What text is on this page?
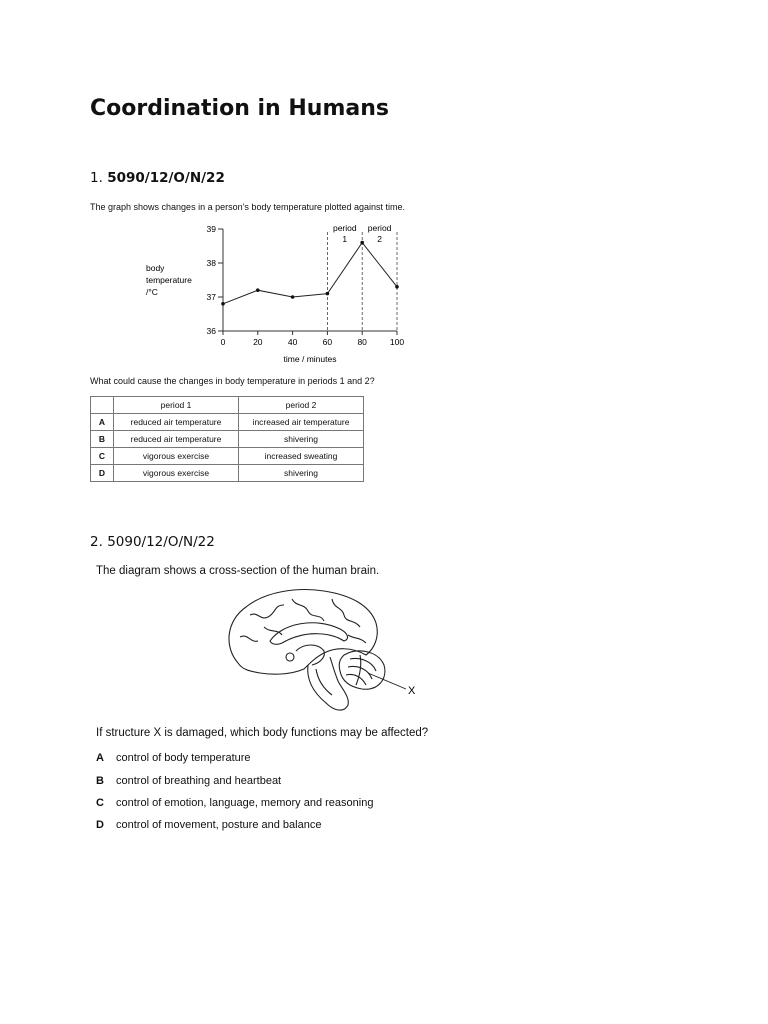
Coordination in Humans
1. 5090/12/O/N/22
The graph shows changes in a person’s body temperature plotted against time.
body
temperature
/°C
36
37
38
39
0	20	40	60	80	100
period
1
period
2
time / minutes
What could cause the changes in body temperature in periods 1 and 2?
	period 1	period 2
A	reduced air temperature	increased air temperature
B	reduced air temperature	shivering
C	vigorous exercise	increased sweating
D	vigorous exercise	shivering
2. 5090/12/O/N/22
The diagram shows a cross-section of the human brain.
X
If structure X is damaged, which body functions may be affected?
A control of body temperature
B control of breathing and heartbeat
C control of emotion, language, memory and reasoning
D control of movement, posture and balance
